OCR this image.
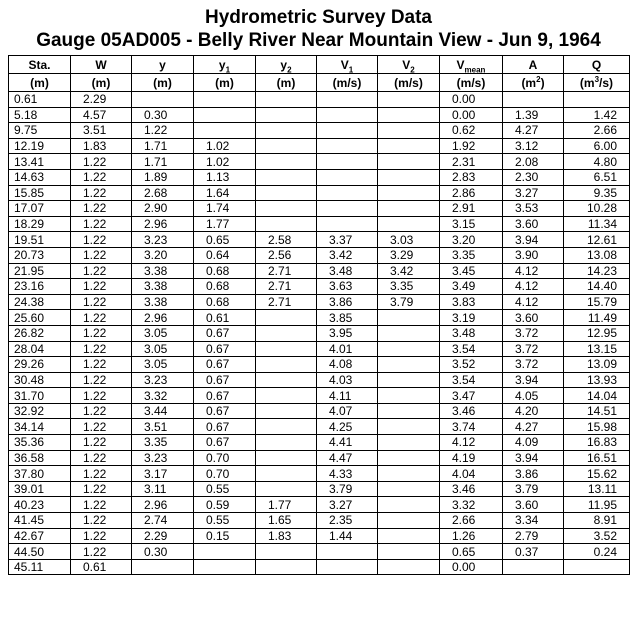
Hydrometric Survey Data
Gauge 05AD005 - Belly River Near Mountain View - Jun 9, 1964
Sta.	W	y	$y_1$	$y_2$	$V_1$	$V_2$	$V_{mean}$	A	Q
(m)	(m)	(m)	(m)	(m)	(m/s)	(m/s)	(m/s)	$(m^2)$	$(m^3/s)$
0.61	2.29						0.00		
5.18	4.57	0.30					0.00	1.39	1.42
9.75	3.51	1.22					0.62	4.27	2.66
12.19	1.83	1.71	1.02				1.92	3.12	6.00
13.41	1.22	1.71	1.02				2.31	2.08	4.80
14.63	1.22	1.89	1.13				2.83	2.30	6.51
15.85	1.22	2.68	1.64				2.86	3.27	9.35
17.07	1.22	2.90	1.74				2.91	3.53	10.28
18.29	1.22	2.96	1.77				3.15	3.60	11.34
19.51	1.22	3.23	0.65	2.58	3.37	3.03	3.20	3.94	12.61
20.73	1.22	3.20	0.64	2.56	3.42	3.29	3.35	3.90	13.08
21.95	1.22	3.38	0.68	2.71	3.48	3.42	3.45	4.12	14.23
23.16	1.22	3.38	0.68	2.71	3.63	3.35	3.49	4.12	14.40
24.38	1.22	3.38	0.68	2.71	3.86	3.79	3.83	4.12	15.79
25.60	1.22	2.96	0.61		3.85		3.19	3.60	11.49
26.82	1.22	3.05	0.67		3.95		3.48	3.72	12.95
28.04	1.22	3.05	0.67		4.01		3.54	3.72	13.15
29.26	1.22	3.05	0.67		4.08		3.52	3.72	13.09
30.48	1.22	3.23	0.67		4.03		3.54	3.94	13.93
31.70	1.22	3.32	0.67		4.11		3.47	4.05	14.04
32.92	1.22	3.44	0.67		4.07		3.46	4.20	14.51
34.14	1.22	3.51	0.67		4.25		3.74	4.27	15.98
35.36	1.22	3.35	0.67		4.41		4.12	4.09	16.83
36.58	1.22	3.23	0.70		4.47		4.19	3.94	16.51
37.80	1.22	3.17	0.70		4.33		4.04	3.86	15.62
39.01	1.22	3.11	0.55		3.79		3.46	3.79	13.11
40.23	1.22	2.96	0.59	1.77	3.27		3.32	3.60	11.95
41.45	1.22	2.74	0.55	1.65	2.35		2.66	3.34	8.91
42.67	1.22	2.29	0.15	1.83	1.44		1.26	2.79	3.52
44.50	1.22	0.30					0.65	0.37	0.24
45.11	0.61						0.00		
